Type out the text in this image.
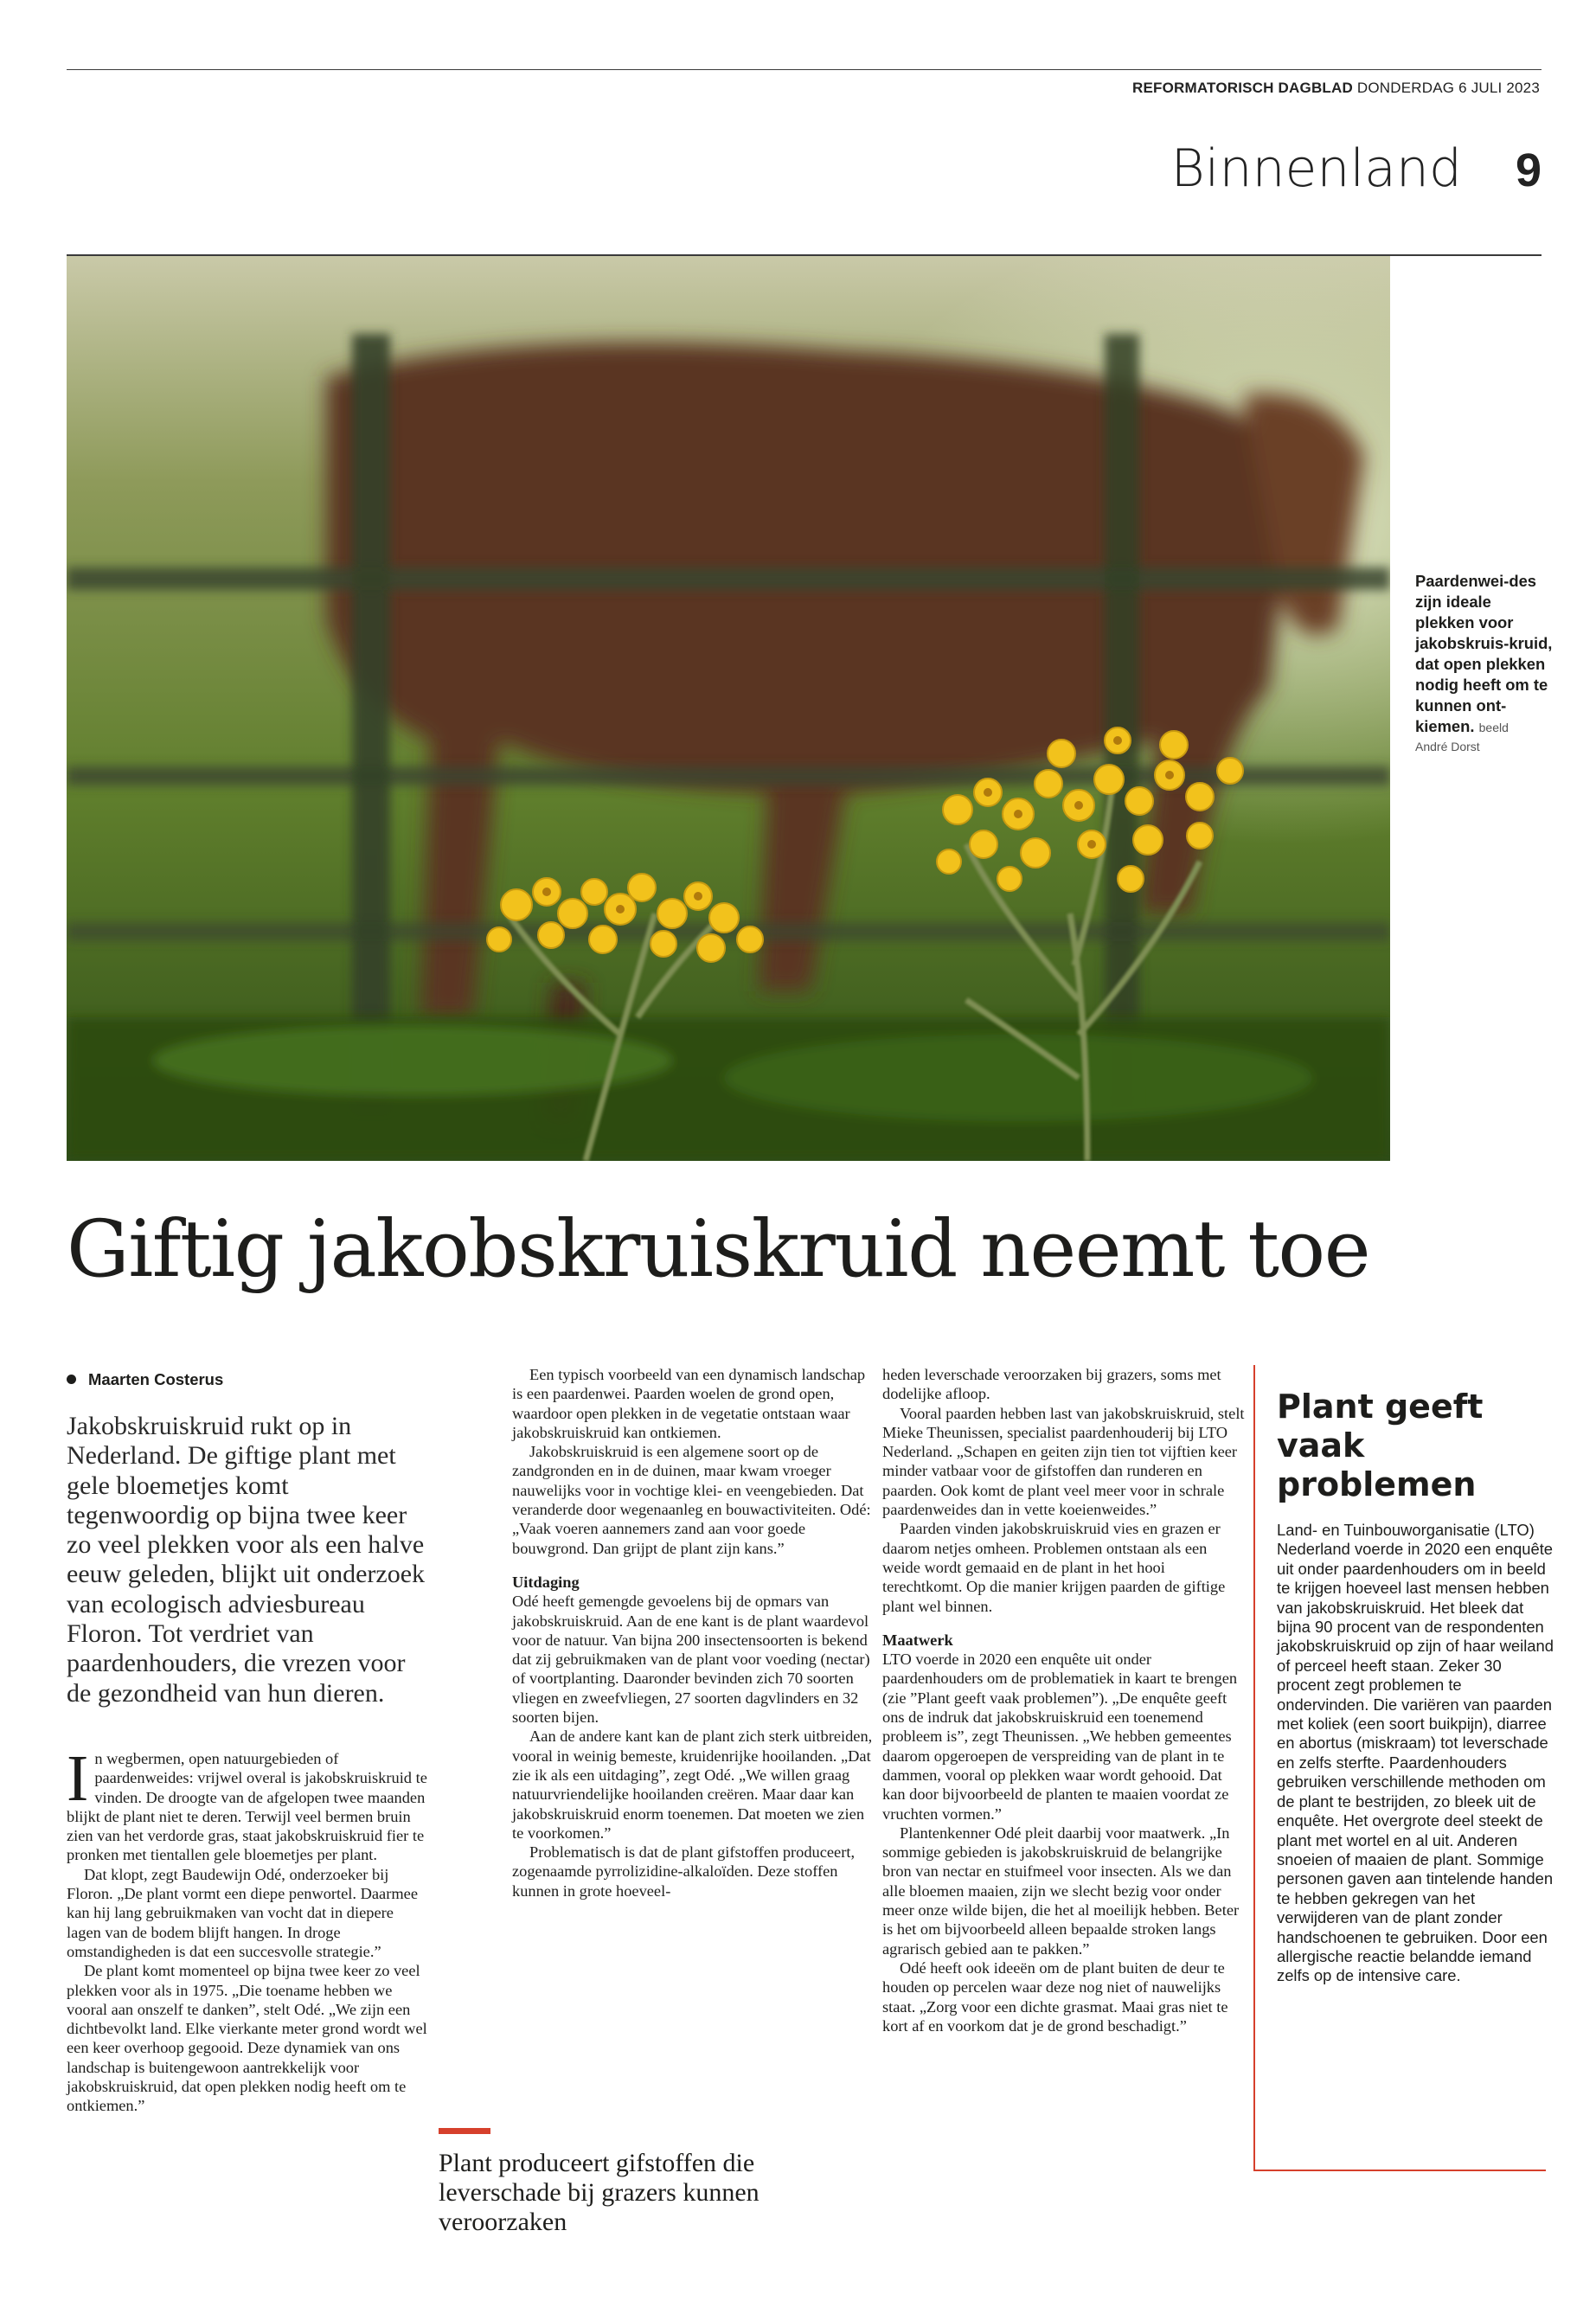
REFORMATORISCH DAGBLAD DONDERDAG 6 JULI 2023
Binnenland	9
Paardenwei-des zijn ideale plekken voor jakobskruis-kruid, dat open plekken nodig heeft om te kunnen ont-kiemen. beeld
André Dorst
Giftig jakobskruiskruid neemt toe
Maarten Costerus
Jakobskruiskruid rukt op in Nederland. De giftige plant met gele bloemetjes komt tegenwoordig op bijna twee keer zo veel plekken voor als een halve eeuw geleden, blijkt uit onderzoek van ecologisch adviesbureau Floron. Tot verdriet van paardenhouders, die vrezen voor de gezondheid van hun dieren.

In wegbermen, open natuurgebieden of paardenweides: vrijwel overal is jakobskruiskruid te vinden. De droogte van de afgelopen twee maanden blijkt de plant niet te deren. Terwijl veel bermen bruin zien van het verdorde gras, staat jakobskruiskruid fier te pronken met tientallen gele bloemetjes per plant.

Dat klopt, zegt Baudewijn Odé, onderzoeker bij Floron. „De plant vormt een diepe penwortel. Daarmee kan hij lang gebruikmaken van vocht dat in diepere lagen van de bodem blijft hangen. In droge omstandigheden is dat een succesvolle strategie.”

De plant komt momenteel op bijna twee keer zo veel plekken voor als in 1975. „Die toename hebben we vooral aan onszelf te danken”, stelt Odé. „We zijn een dichtbevolkt land. Elke vierkante meter grond wordt wel een keer overhoop gegooid. Deze dynamiek van ons landschap is buitengewoon aantrekkelijk voor jakobskruiskruid, dat open plekken nodig heeft om te ontkiemen.”

Een typisch voorbeeld van een dynamisch landschap is een paardenwei. Paarden woelen de grond open, waardoor open plekken in de vegetatie ontstaan waar jakobskruiskruid kan ontkiemen.

Jakobskruiskruid is een algemene soort op de zandgronden en in de duinen, maar kwam vroeger nauwelijks voor in vochtige klei- en veengebieden. Dat veranderde door wegenaanleg en bouwactiviteiten. Odé: „Vaak voeren aannemers zand aan voor goede bouwgrond. Dan grijpt de plant zijn kans.”

Uitdaging

Odé heeft gemengde gevoelens bij de opmars van jakobskruiskruid. Aan de ene kant is de plant waardevol voor de natuur. Van bijna 200 insectensoorten is bekend dat zij gebruikmaken van de plant voor voeding (nectar) of voortplanting. Daaronder bevinden zich 70 soorten vliegen en zweefvliegen, 27 soorten dagvlinders en 32 soorten bijen.

Aan de andere kant kan de plant zich sterk uitbreiden, vooral in weinig bemeste, kruidenrijke hooilanden. „Dat zie ik als een uitdaging”, zegt Odé. „We willen graag natuurvriendelijke hooilanden creëren. Maar daar kan jakobskruiskruid enorm toenemen. Dat moeten we zien te voorkomen.”

Problematisch is dat de plant gifstoffen produceert, zogenaamde pyrrolizidine-alkaloïden. Deze stoffen kunnen in grote hoeveel-

Plant produceert gifstoffen die leverschade bij grazers kunnen veroorzaken

heden leverschade veroorzaken bij grazers, soms met dodelijke afloop.

Vooral paarden hebben last van jakobskruiskruid, stelt Mieke Theunissen, specialist paardenhouderij bij LTO Nederland. „Schapen en geiten zijn tien tot vijftien keer minder vatbaar voor de gifstoffen dan runderen en paarden. Ook komt de plant veel meer voor in schrale paardenweides dan in vette koeienweides.”

Paarden vinden jakobskruiskruid vies en grazen er daarom netjes omheen. Problemen ontstaan als een weide wordt gemaaid en de plant in het hooi terechtkomt. Op die manier krijgen paarden de giftige plant wel binnen.

Maatwerk

LTO voerde in 2020 een enquête uit onder paardenhouders om de problematiek in kaart te brengen (zie ”Plant geeft vaak problemen”). „De enquête geeft ons de indruk dat jakobskruiskruid een toenemend probleem is”, zegt Theunissen. „We hebben gemeentes daarom opgeroepen de verspreiding van de plant in te dammen, vooral op plekken waar wordt gehooid. Dat kan door bijvoorbeeld de planten te maaien voordat ze vruchten vormen.”

Plantenkenner Odé pleit daarbij voor maatwerk. „In sommige gebieden is jakobskruiskruid de belangrijke bron van nectar en stuifmeel voor insecten. Als we dan alle bloemen maaien, zijn we slecht bezig voor onder meer onze wilde bijen, die het al moeilijk hebben. Beter is het om bijvoorbeeld alleen bepaalde stroken langs agrarisch gebied aan te pakken.”

Odé heeft ook ideeën om de plant buiten de deur te houden op percelen waar deze nog niet of nauwelijks staat. „Zorg voor een dichte grasmat. Maai gras niet te kort af en voorkom dat je de grond beschadigt.”

Plant geeft vaak problemen
Land- en Tuinbouworganisatie (LTO) Nederland voerde in 2020 een enquête uit onder paardenhouders om in beeld te krijgen hoeveel last mensen hebben van jakobskruiskruid. Het bleek dat bijna 90 procent van de respondenten jakobskruiskruid op zijn of haar weiland of perceel heeft staan. Zeker 30 procent zegt problemen te ondervinden. Die variëren van paarden met koliek (een soort buikpijn), diarree en abortus (miskraam) tot leverschade en zelfs sterfte. Paardenhouders gebruiken verschillende methoden om de plant te bestrijden, zo bleek uit de enquête. Het overgrote deel steekt de plant met wortel en al uit. Anderen snoeien of maaien de plant. Sommige personen gaven aan tintelende handen te hebben gekregen van het verwijderen van de plant zonder handschoenen te gebruiken. Door een allergische reactie belandde iemand zelfs op de intensive care.
